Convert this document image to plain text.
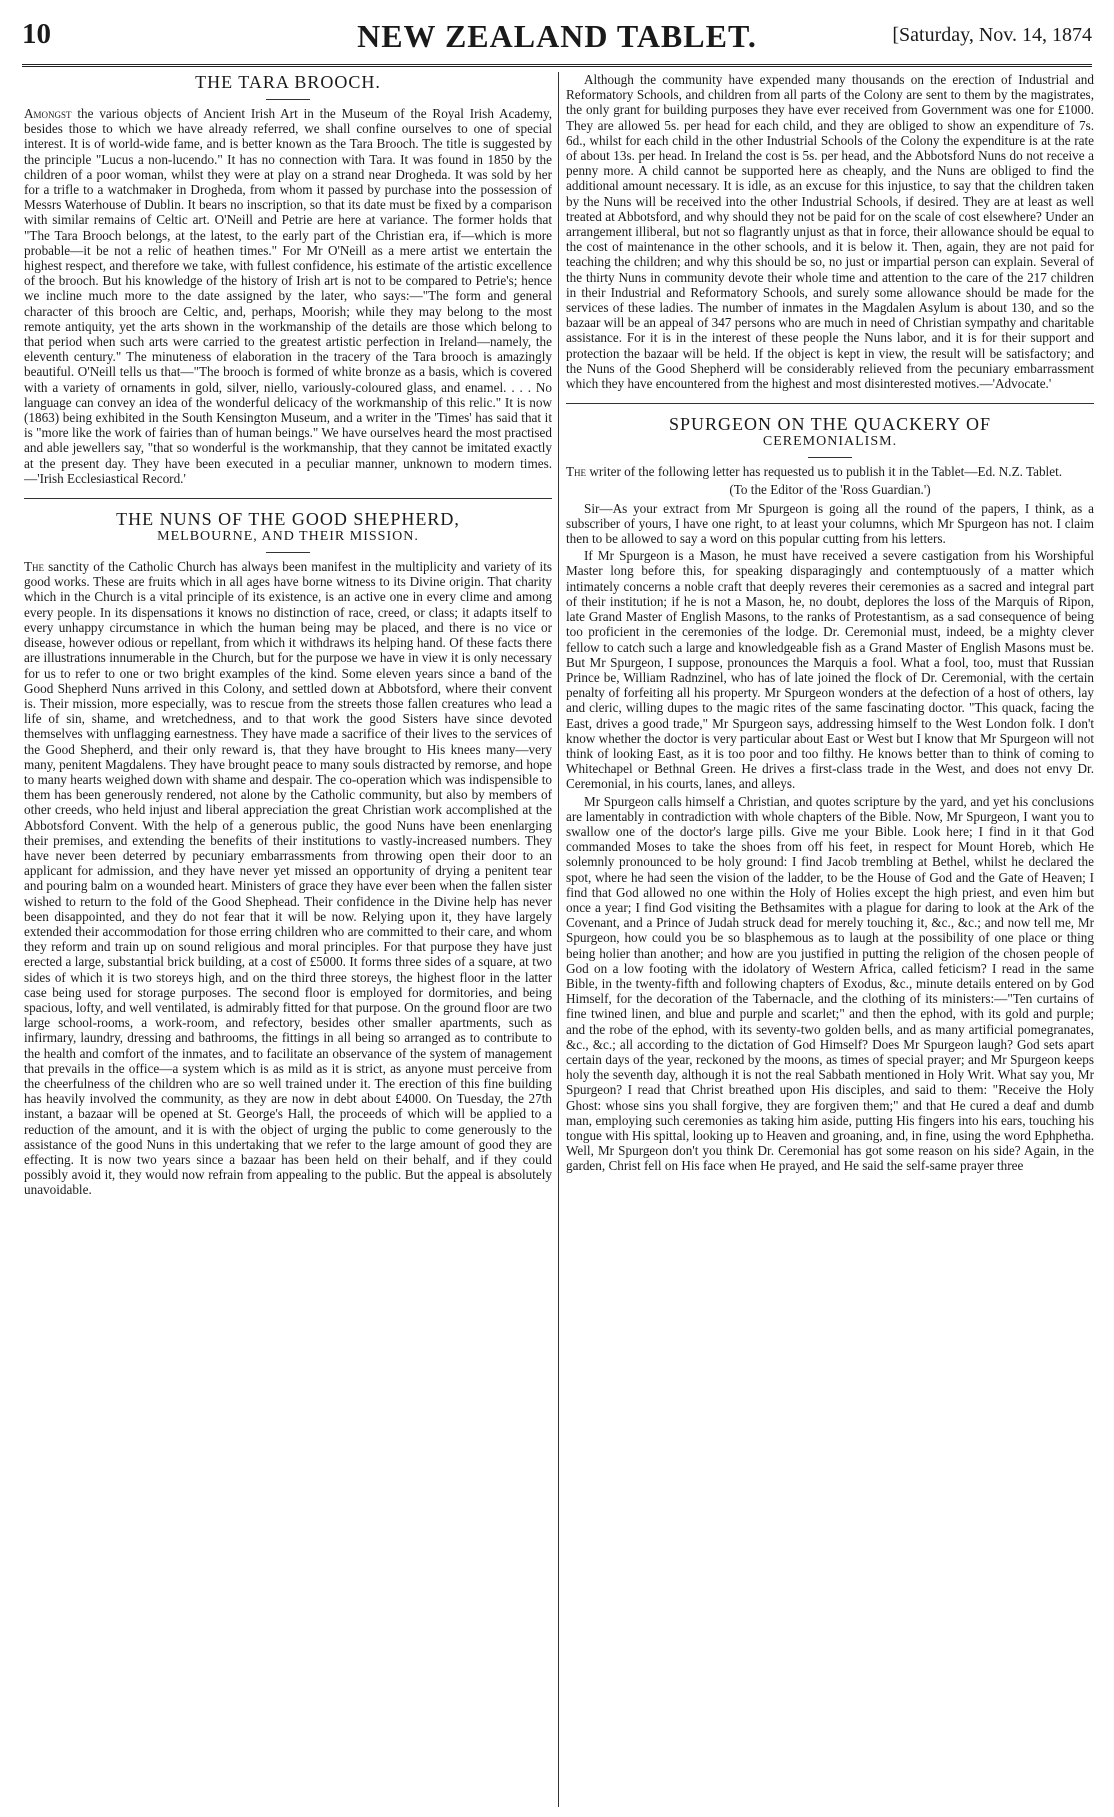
10	NEW ZEALAND TABLET.	[Saturday, Nov. 14, 1874
THE TARA BROOCH.

Amongst the various objects of Ancient Irish Art in the Museum of the Royal Irish Academy, besides those to which we have already referred, we shall confine ourselves to one of special interest. It is of world-wide fame, and is better known as the Tara Brooch. The title is suggested by the principle "Lucus a non-lucendo." It has no connection with Tara. It was found in 1850 by the children of a poor woman, whilst they were at play on a strand near Drogheda. It was sold by her for a trifle to a watchmaker in Drogheda, from whom it passed by purchase into the possession of Messrs Waterhouse of Dublin. It bears no inscription, so that its date must be fixed by a comparison with similar remains of Celtic art. O'Neill and Petrie are here at variance. The former holds that "The Tara Brooch belongs, at the latest, to the early part of the Christian era, if—which is more probable—it be not a relic of heathen times." For Mr O'Neill as a mere artist we entertain the highest respect, and therefore we take, with fullest confidence, his estimate of the artistic excellence of the brooch. But his knowledge of the history of Irish art is not to be compared to Petrie's; hence we incline much more to the date assigned by the later, who says:—"The form and general character of this brooch are Celtic, and, perhaps, Moorish; while they may belong to the most remote antiquity, yet the arts shown in the workmanship of the details are those which belong to that period when such arts were carried to the greatest artistic perfection in Ireland—namely, the eleventh century." The minuteness of elaboration in the tracery of the Tara brooch is amazingly beautiful. O'Neill tells us that—"The brooch is formed of white bronze as a basis, which is covered with a variety of ornaments in gold, silver, niello, variously-coloured glass, and enamel. . . . No language can convey an idea of the wonderful delicacy of the workmanship of this relic." It is now (1863) being exhibited in the South Kensington Museum, and a writer in the 'Times' has said that it is "more like the work of fairies than of human beings." We have ourselves heard the most practised and able jewellers say, "that so wonderful is the workmanship, that they cannot be imitated exactly at the present day. They have been executed in a peculiar manner, unknown to modern times.—'Irish Ecclesiastical Record.'

THE NUNS OF THE GOOD SHEPHERD,
MELBOURNE, AND THEIR MISSION.

The sanctity of the Catholic Church has always been manifest in the multiplicity and variety of its good works. These are fruits which in all ages have borne witness to its Divine origin. That charity which in the Church is a vital principle of its existence, is an active one in every clime and among every people. In its dispensations it knows no distinction of race, creed, or class; it adapts itself to every unhappy circumstance in which the human being may be placed, and there is no vice or disease, however odious or repellant, from which it withdraws its helping hand. Of these facts there are illustrations innumerable in the Church, but for the purpose we have in view it is only necessary for us to refer to one or two bright examples of the kind. Some eleven years since a band of the Good Shepherd Nuns arrived in this Colony, and settled down at Abbotsford, where their convent is. Their mission, more especially, was to rescue from the streets those fallen creatures who lead a life of sin, shame, and wretchedness, and to that work the good Sisters have since devoted themselves with unflagging earnestness. They have made a sacrifice of their lives to the services of the Good Shepherd, and their only reward is, that they have brought to His knees many—very many, penitent Magdalens. They have brought peace to many souls distracted by remorse, and hope to many hearts weighed down with shame and despair. The co-operation which was indispensible to them has been generously rendered, not alone by the Catholic community, but also by members of other creeds, who held injust and liberal appreciation the great Christian work accomplished at the Abbotsford Convent. With the help of a generous public, the good Nuns have been enenlarging their premises, and extending the benefits of their institutions to vastly-increased numbers. They have never been deterred by pecuniary embarrassments from throwing open their door to an applicant for admission, and they have never yet missed an opportunity of drying a penitent tear and pouring balm on a wounded heart. Ministers of grace they have ever been when the fallen sister wished to return to the fold of the Good Shephead. Their confidence in the Divine help has never been disappointed, and they do not fear that it will be now. Relying upon it, they have largely extended their accommodation for those erring children who are committed to their care, and whom they reform and train up on sound religious and moral principles. For that purpose they have just erected a large, substantial brick building, at a cost of £5000. It forms three sides of a square, at two sides of which it is two storeys high, and on the third three storeys, the highest floor in the latter case being used for storage purposes. The second floor is employed for dormitories, and being spacious, lofty, and well ventilated, is admirably fitted for that purpose. On the ground floor are two large school-rooms, a work-room, and refectory, besides other smaller apartments, such as infirmary, laundry, dressing and bathrooms, the fittings in all being so arranged as to contribute to the health and comfort of the inmates, and to facilitate an observance of the system of management that prevails in the office—a system which is as mild as it is strict, as anyone must perceive from the cheerfulness of the children who are so well trained under it. The erection of this fine building has heavily involved the community, as they are now in debt about £4000. On Tuesday, the 27th instant, a bazaar will be opened at St. George's Hall, the proceeds of which will be applied to a reduction of the amount, and it is with the object of urging the public to come generously to the assistance of the good Nuns in this undertaking that we refer to the large amount of good they are effecting. It is now two years since a bazaar has been held on their behalf, and if they could possibly avoid it, they would now refrain from appealing to the public. But the appeal is absolutely unavoidable.

Although the community have expended many thousands on the erection of Industrial and Reformatory Schools, and children from all parts of the Colony are sent to them by the magistrates, the only grant for building purposes they have ever received from Government was one for £1000. They are allowed 5s. per head for each child, and they are obliged to show an expenditure of 7s. 6d., whilst for each child in the other Industrial Schools of the Colony the expenditure is at the rate of about 13s. per head. In Ireland the cost is 5s. per head, and the Abbotsford Nuns do not receive a penny more. A child cannot be supported here as cheaply, and the Nuns are obliged to find the additional amount necessary. It is idle, as an excuse for this injustice, to say that the children taken by the Nuns will be received into the other Industrial Schools, if desired. They are at least as well treated at Abbotsford, and why should they not be paid for on the scale of cost elsewhere? Under an arrangement illiberal, but not so flagrantly unjust as that in force, their allowance should be equal to the cost of maintenance in the other schools, and it is below it. Then, again, they are not paid for teaching the children; and why this should be so, no just or impartial person can explain. Several of the thirty Nuns in community devote their whole time and attention to the care of the 217 children in their Industrial and Reformatory Schools, and surely some allowance should be made for the services of these ladies. The number of inmates in the Magdalen Asylum is about 130, and so the bazaar will be an appeal of 347 persons who are much in need of Christian sympathy and charitable assistance. For it is in the interest of these people the Nuns labor, and it is for their support and protection the bazaar will be held. If the object is kept in view, the result will be satisfactory; and the Nuns of the Good Shepherd will be considerably relieved from the pecuniary embarrassment which they have encountered from the highest and most disinterested motives.—'Advocate.'

SPURGEON ON THE QUACKERY OF
CEREMONIALISM.

The writer of the following letter has requested us to publish it in the Tablet—Ed. N.Z. Tablet.

(To the Editor of the 'Ross Guardian.')

Sir—As your extract from Mr Spurgeon is going all the round of the papers, I think, as a subscriber of yours, I have one right, to at least your columns, which Mr Spurgeon has not. I claim then to be allowed to say a word on this popular cutting from his letters.

If Mr Spurgeon is a Mason, he must have received a severe castigation from his Worshipful Master long before this, for speaking disparagingly and contemptuously of a matter which intimately concerns a noble craft that deeply reveres their ceremonies as a sacred and integral part of their institution; if he is not a Mason, he, no doubt, deplores the loss of the Marquis of Ripon, late Grand Master of English Masons, to the ranks of Protestantism, as a sad consequence of being too proficient in the ceremonies of the lodge. Dr. Ceremonial must, indeed, be a mighty clever fellow to catch such a large and knowledgeable fish as a Grand Master of English Masons must be. But Mr Spurgeon, I suppose, pronounces the Marquis a fool. What a fool, too, must that Russian Prince be, William Radnzinel, who has of late joined the flock of Dr. Ceremonial, with the certain penalty of forfeiting all his property. Mr Spurgeon wonders at the defection of a host of others, lay and cleric, willing dupes to the magic rites of the same fascinating doctor. "This quack, facing the East, drives a good trade," Mr Spurgeon says, addressing himself to the West London folk. I don't know whether the doctor is very particular about East or West but I know that Mr Spurgeon will not think of looking East, as it is too poor and too filthy. He knows better than to think of coming to Whitechapel or Bethnal Green. He drives a first-class trade in the West, and does not envy Dr. Ceremonial, in his courts, lanes, and alleys.

Mr Spurgeon calls himself a Christian, and quotes scripture by the yard, and yet his conclusions are lamentably in contradiction with whole chapters of the Bible. Now, Mr Spurgeon, I want you to swallow one of the doctor's large pills. Give me your Bible. Look here; I find in it that God commanded Moses to take the shoes from off his feet, in respect for Mount Horeb, which He solemnly pronounced to be holy ground: I find Jacob trembling at Bethel, whilst he declared the spot, where he had seen the vision of the ladder, to be the House of God and the Gate of Heaven; I find that God allowed no one within the Holy of Holies except the high priest, and even him but once a year; I find God visiting the Bethsamites with a plague for daring to look at the Ark of the Covenant, and a Prince of Judah struck dead for merely touching it, &c., &c.; and now tell me, Mr Spurgeon, how could you be so blasphemous as to laugh at the possibility of one place or thing being holier than another; and how are you justified in putting the religion of the chosen people of God on a low footing with the idolatory of Western Africa, called feticism? I read in the same Bible, in the twenty-fifth and following chapters of Exodus, &c., minute details entered on by God Himself, for the decoration of the Tabernacle, and the clothing of its ministers:—"Ten curtains of fine twined linen, and blue and purple and scarlet;" and then the ephod, with its gold and purple; and the robe of the ephod, with its seventy-two golden bells, and as many artificial pomegranates, &c., &c.; all according to the dictation of God Himself? Does Mr Spurgeon laugh? God sets apart certain days of the year, reckoned by the moons, as times of special prayer; and Mr Spurgeon keeps holy the seventh day, although it is not the real Sabbath mentioned in Holy Writ. What say you, Mr Spurgeon? I read that Christ breathed upon His disciples, and said to them: "Receive the Holy Ghost: whose sins you shall forgive, they are forgiven them;" and that He cured a deaf and dumb man, employing such ceremonies as taking him aside, putting His fingers into his ears, touching his tongue with His spittal, looking up to Heaven and groaning, and, in fine, using the word Ephphetha. Well, Mr Spurgeon don't you think Dr. Ceremonial has got some reason on his side? Again, in the garden, Christ fell on His face when He prayed, and He said the self-same prayer three
